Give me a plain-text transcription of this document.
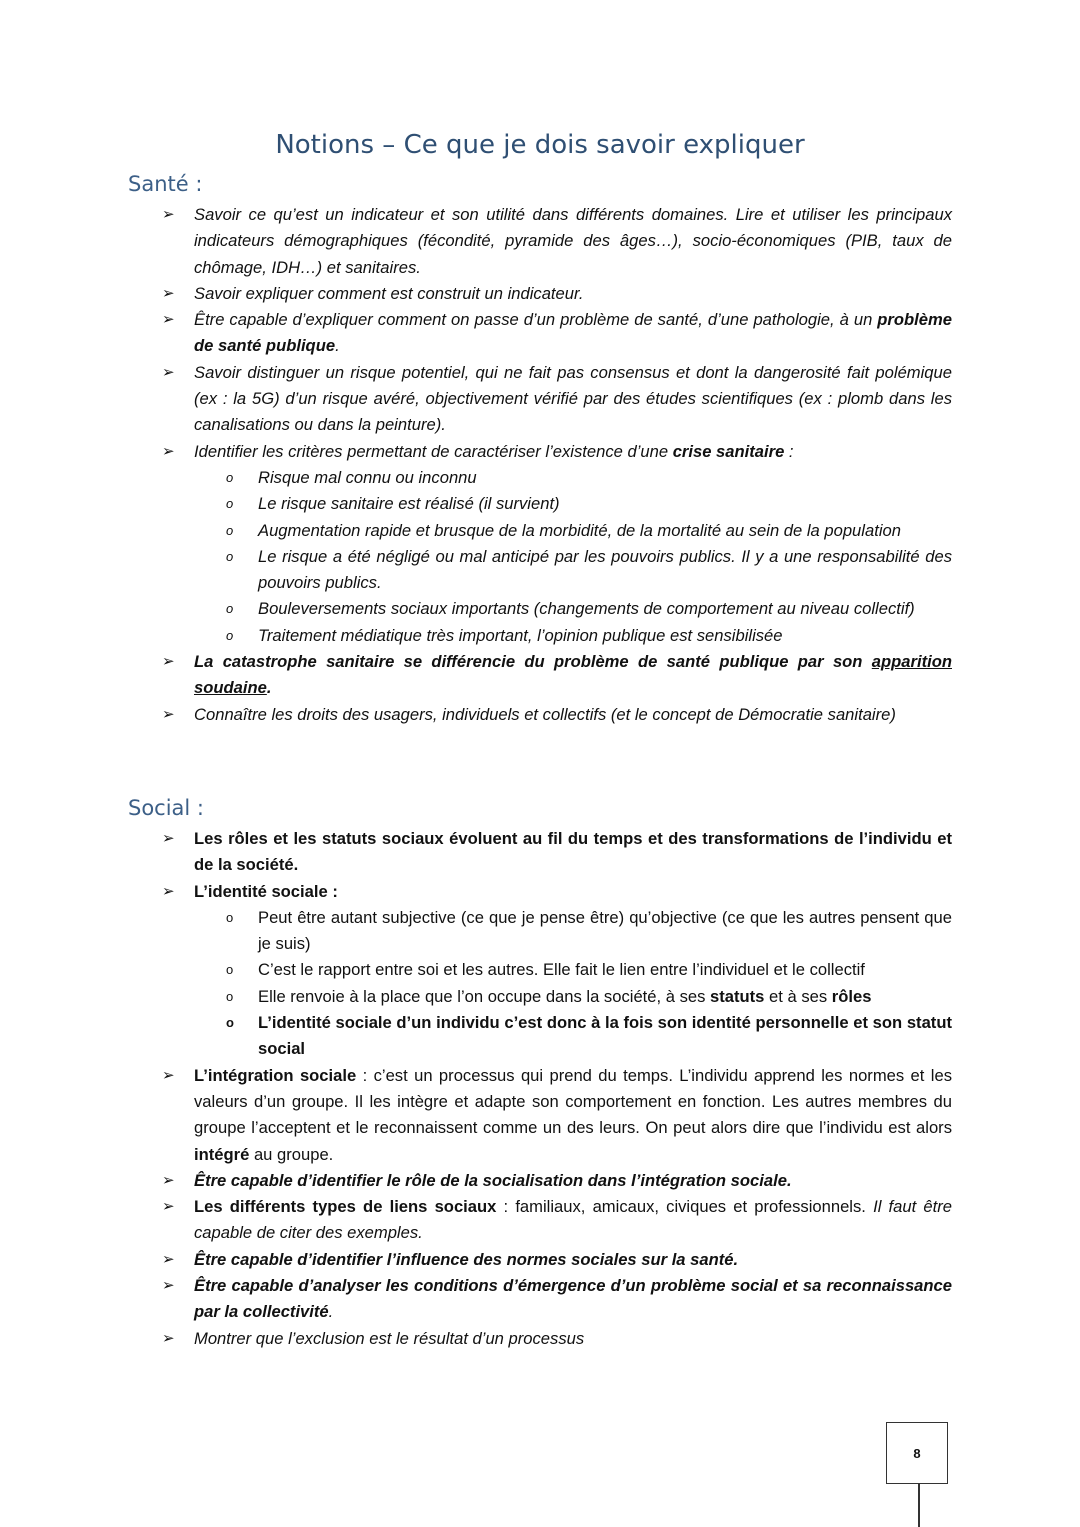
Notions – Ce que je dois savoir expliquer
Santé :
➢ Savoir ce qu’est un indicateur et son utilité dans différents domaines. Lire et utiliser les principaux indicateurs démographiques (fécondité, pyramide des âges…), socio-économiques (PIB, taux de chômage, IDH…) et sanitaires.
➢ Savoir expliquer comment est construit un indicateur.
➢ Être capable d’expliquer comment on passe d’un problème de santé, d’une pathologie, à un problème de santé publique.
➢ Savoir distinguer un risque potentiel, qui ne fait pas consensus et dont la dangerosité fait polémique (ex : la 5G) d’un risque avéré, objectivement vérifié par des études scientifiques (ex : plomb dans les canalisations ou dans la peinture).
➢ Identifier les critères permettant de caractériser l’existence d’une crise sanitaire :
o Risque mal connu ou inconnu
o Le risque sanitaire est réalisé (il survient)
o Augmentation rapide et brusque de la morbidité, de la mortalité au sein de la population
o Le risque a été négligé ou mal anticipé par les pouvoirs publics. Il y a une responsabilité des pouvoirs publics.
o Bouleversements sociaux importants (changements de comportement au niveau collectif)
o Traitement médiatique très important, l’opinion publique est sensibilisée
➢ La catastrophe sanitaire se différencie du problème de santé publique par son apparition soudaine.
➢ Connaître les droits des usagers, individuels et collectifs (et le concept de Démocratie sanitaire)
Social :
➢ Les rôles et les statuts sociaux évoluent au fil du temps et des transformations de l’individu et de la société.
➢ L’identité sociale :
o Peut être autant subjective (ce que je pense être) qu’objective (ce que les autres pensent que je suis)
o C’est le rapport entre soi et les autres. Elle fait le lien entre l’individuel et le collectif
o Elle renvoie à la place que l’on occupe dans la société, à ses statuts et à ses rôles
o L’identité sociale d’un individu c’est donc à la fois son identité personnelle et son statut social
➢ L’intégration sociale : c’est un processus qui prend du temps. L’individu apprend les normes et les valeurs d’un groupe. Il les intègre et adapte son comportement en fonction. Les autres membres du groupe l’acceptent et le reconnaissent comme un des leurs. On peut alors dire que l’individu est alors intégré au groupe.
➢ Être capable d’identifier le rôle de la socialisation dans l’intégration sociale.
➢ Les différents types de liens sociaux : familiaux, amicaux, civiques et professionnels. Il faut être capable de citer des exemples.
➢ Être capable d’identifier l’influence des normes sociales sur la santé.
➢ Être capable d’analyser les conditions d’émergence d’un problème social et sa reconnaissance par la collectivité.
➢ Montrer que l’exclusion est le résultat d’un processus
8
